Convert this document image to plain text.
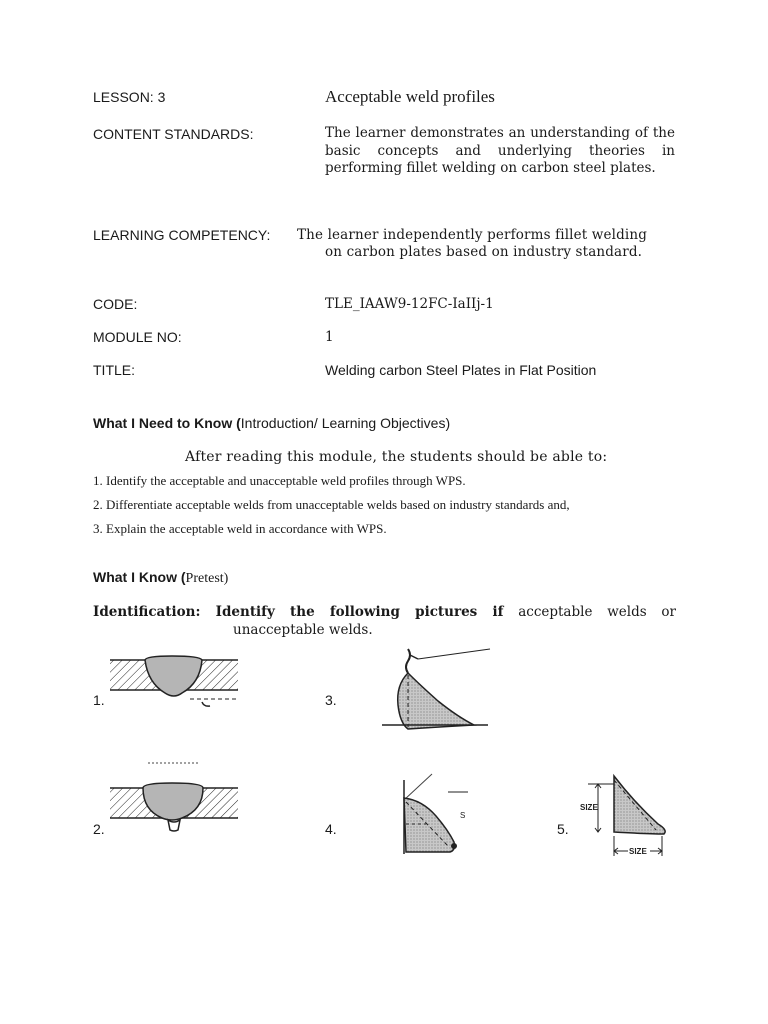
LESSON: 3	Acceptable weld profiles
CONTENT STANDARDS:	The learner demonstrates an understanding of the basic concepts and underlying theories in performing fillet welding on carbon steel plates.
LEARNING COMPETENCY: The learner independently performs fillet welding
on carbon plates based on industry standard.
CODE:	TLE_IAAW9-12FC-IaIIj-1
MODULE NO:	1
TITLE:	Welding carbon Steel Plates in Flat Position
What I Need to Know (Introduction/ Learning Objectives)
After reading this module, the students should be able to:
1. Identify the acceptable and unacceptable weld profiles through WPS.
2. Differentiate acceptable welds from unacceptable welds based on industry standards and,
3. Explain the acceptable weld in accordance with WPS.
What I Know (Pretest)
Identification: Identify the following pictures if acceptable welds or
unacceptable welds.
1.
2.
3.
4.	5.
S
SIZE
SIZE
